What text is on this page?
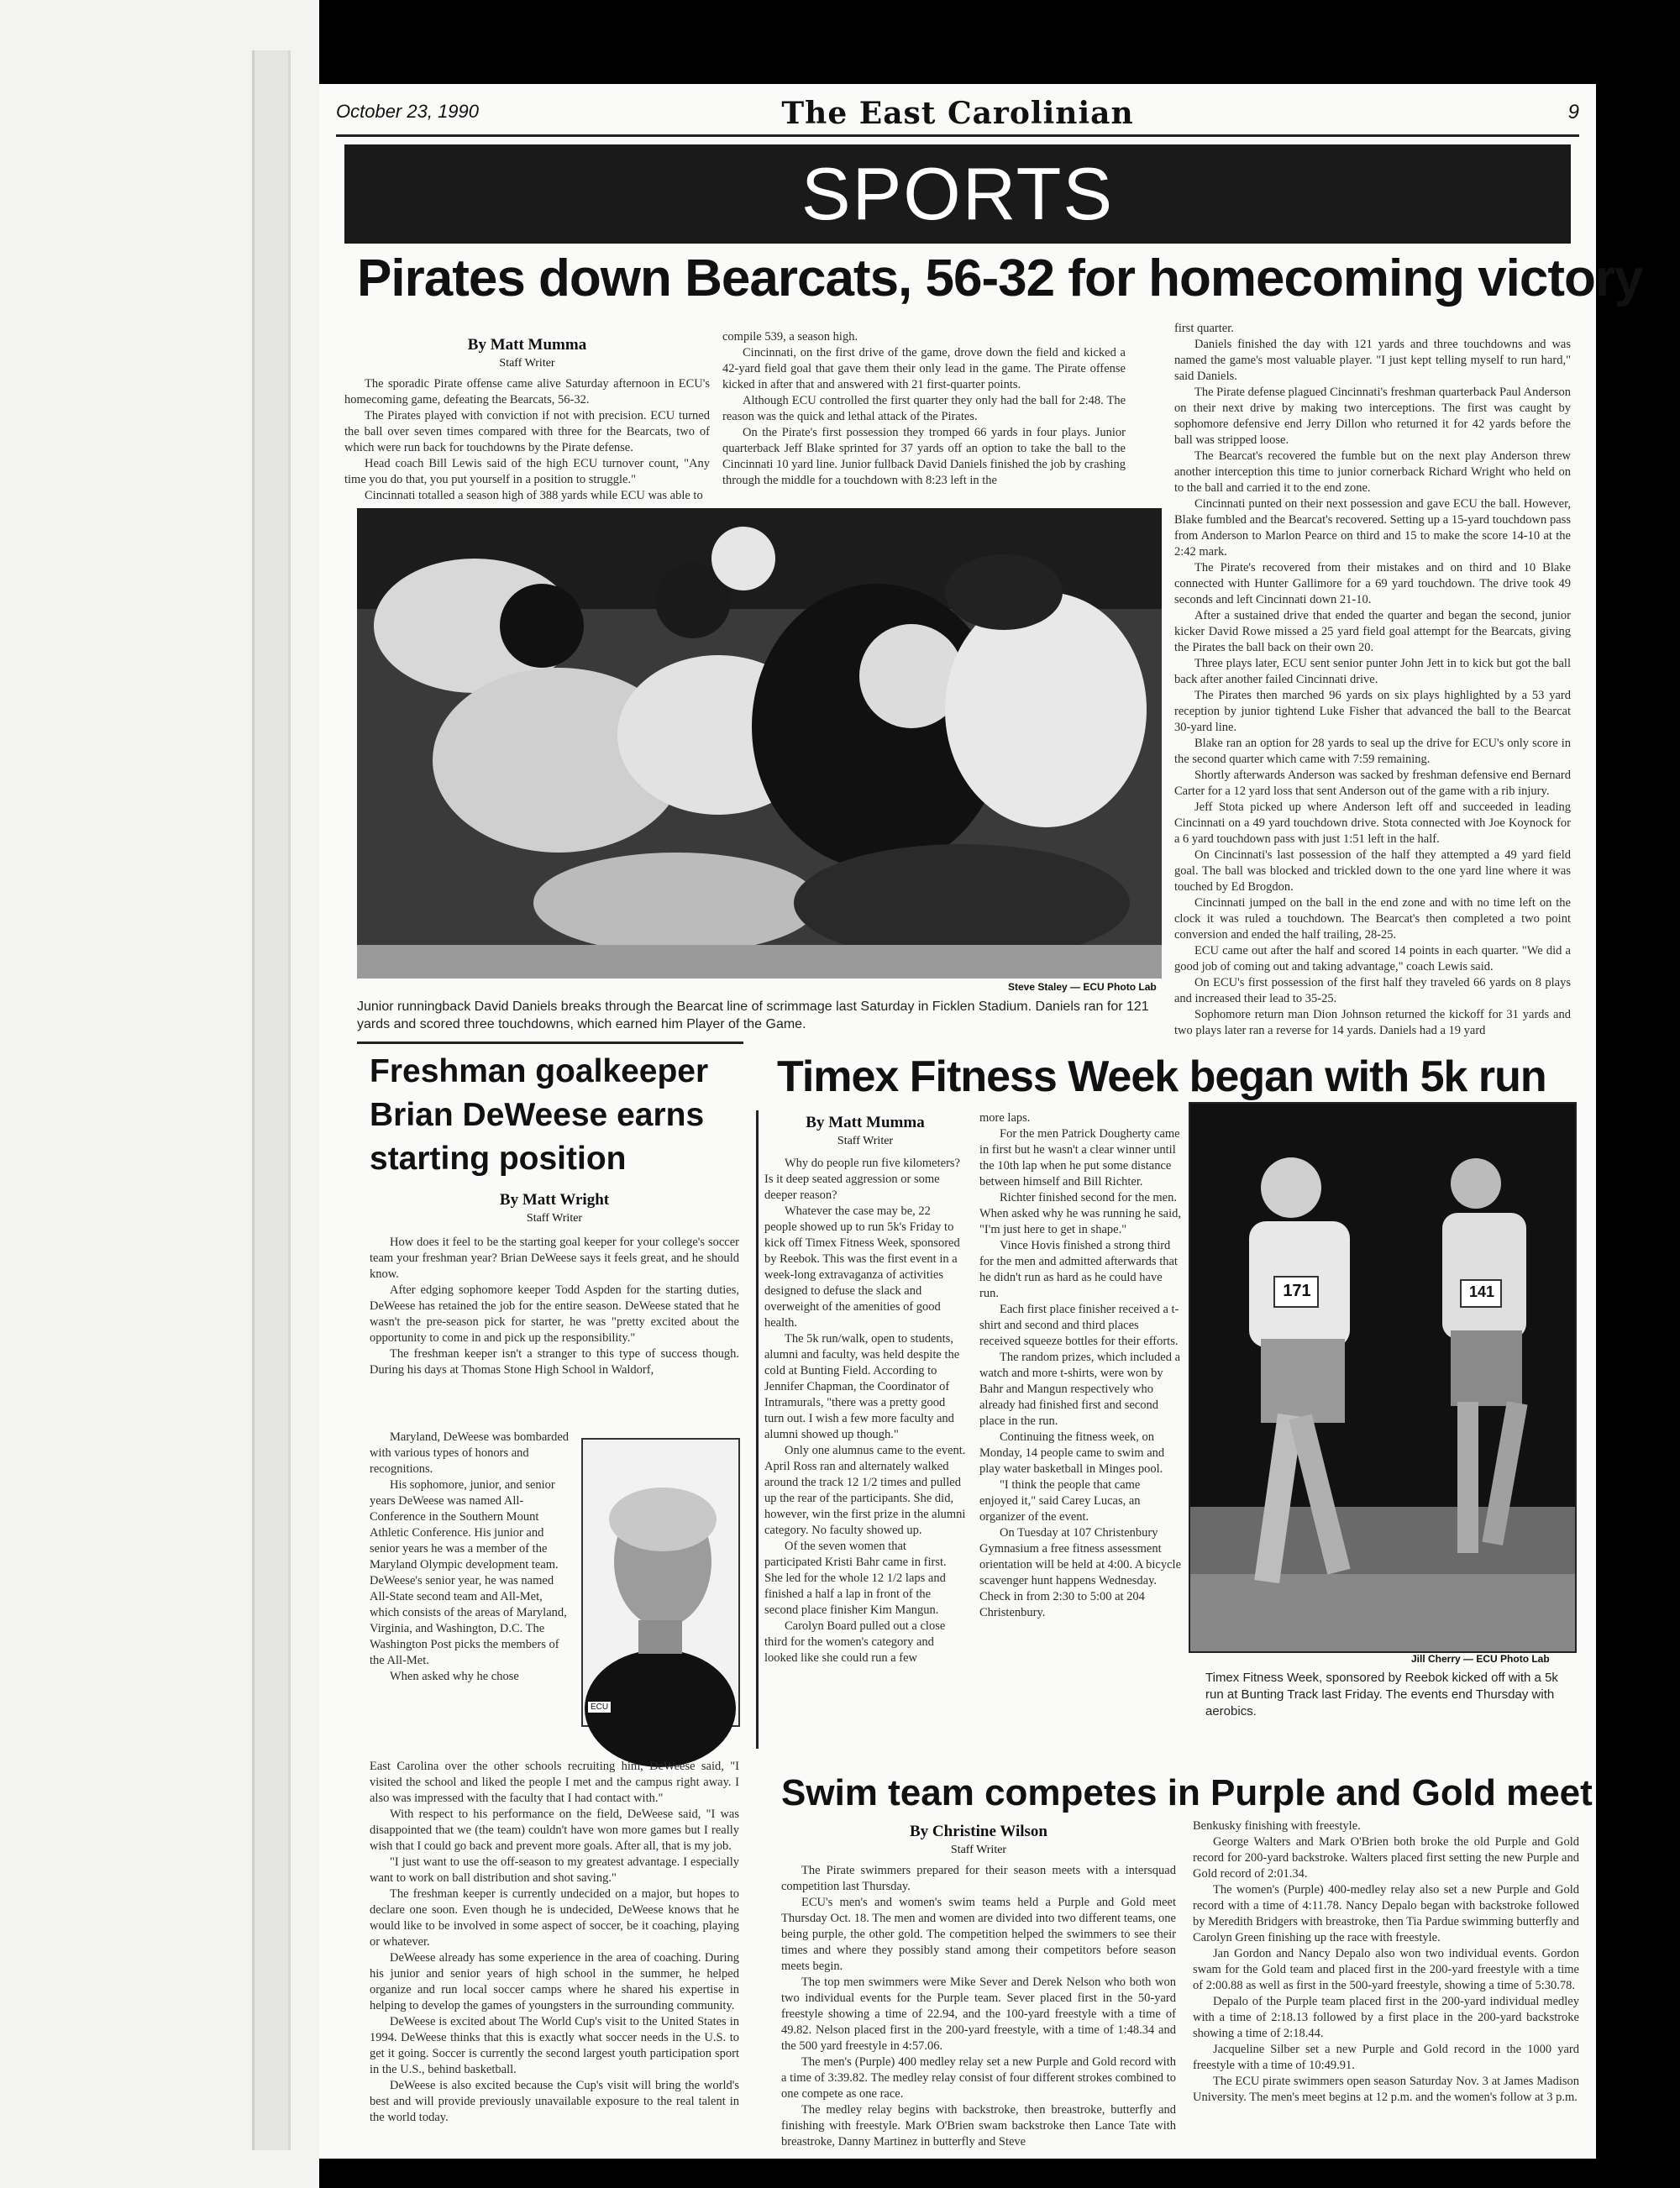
October 23, 1990	The East Carolinian	9
SPORTS
Pirates down Bearcats, 56-32 for homecoming victory
By Matt Mumma
Staff Writer

The sporadic Pirate offense came alive Saturday afternoon in ECU's homecoming game, defeating the Bearcats, 56-32.

The Pirates played with conviction if not with precision. ECU turned the ball over seven times compared with three for the Bearcats, two of which were run back for touchdowns by the Pirate defense.

Head coach Bill Lewis said of the high ECU turnover count, "Any time you do that, you put yourself in a position to struggle."

Cincinnati totalled a season high of 388 yards while ECU was able to

compile 539, a season high.

Cincinnati, on the first drive of the game, drove down the field and kicked a 42-yard field goal that gave them their only lead in the game. The Pirate offense kicked in after that and answered with 21 first-quarter points.

Although ECU controlled the first quarter they only had the ball for 2:48. The reason was the quick and lethal attack of the Pirates.

On the Pirate's first possession they tromped 66 yards in four plays. Junior quarterback Jeff Blake sprinted for 37 yards off an option to take the ball to the Cincinnati 10 yard line. Junior fullback David Daniels finished the job by crashing through the middle for a touchdown with 8:23 left in the

first quarter.

Daniels finished the day with 121 yards and three touchdowns and was named the game's most valuable player. "I just kept telling myself to run hard," said Daniels.

The Pirate defense plagued Cincinnati's freshman quarterback Paul Anderson on their next drive by making two interceptions. The first was caught by sophomore defensive end Jerry Dillon who returned it for 42 yards before the ball was stripped loose.

The Bearcat's recovered the fumble but on the next play Anderson threw another interception this time to junior cornerback Richard Wright who held on to the ball and carried it to the end zone.

Cincinnati punted on their next possession and gave ECU the ball. However, Blake fumbled and the Bearcat's recovered. Setting up a 15-yard touchdown pass from Anderson to Marlon Pearce on third and 15 to make the score 14-10 at the 2:42 mark.

The Pirate's recovered from their mistakes and on third and 10 Blake connected with Hunter Gallimore for a 69 yard touchdown. The drive took 49 seconds and left Cincinnati down 21-10.

After a sustained drive that ended the quarter and began the second, junior kicker David Rowe missed a 25 yard field goal attempt for the Bearcats, giving the Pirates the ball back on their own 20.

Three plays later, ECU sent senior punter John Jett in to kick but got the ball back after another failed Cincinnati drive.

The Pirates then marched 96 yards on six plays highlighted by a 53 yard reception by junior tightend Luke Fisher that advanced the ball to the Bearcat 30-yard line.

Blake ran an option for 28 yards to seal up the drive for ECU's only score in the second quarter which came with 7:59 remaining.

Shortly afterwards Anderson was sacked by freshman defensive end Bernard Carter for a 12 yard loss that sent Anderson out of the game with a rib injury.

Jeff Stota picked up where Anderson left off and succeeded in leading Cincinnati on a 49 yard touchdown drive. Stota connected with Joe Koynock for a 6 yard touchdown pass with just 1:51 left in the half.

On Cincinnati's last possession of the half they attempted a 49 yard field goal. The ball was blocked and trickled down to the one yard line where it was touched by Ed Brogdon.

Cincinnati jumped on the ball in the end zone and with no time left on the clock it was ruled a touchdown. The Bearcat's then completed a two point conversion and ended the half trailing, 28-25.

ECU came out after the half and scored 14 points in each quarter. "We did a good job of coming out and taking advantage," coach Lewis said.

On ECU's first possession of the first half they traveled 66 yards on 8 plays and increased their lead to 35-25.

Sophomore return man Dion Johnson returned the kickoff for 31 yards and two plays later ran a reverse for 14 yards. Daniels had a 19 yard

Steve Staley — ECU Photo Lab
Junior runningback David Daniels breaks through the Bearcat line of scrimmage last Saturday in Ficklen Stadium. Daniels ran for 121 yards and scored three touchdowns, which earned him Player of the Game.
Freshman goalkeeper
Brian DeWeese earns
starting position
By Matt Wright
Staff Writer

How does it feel to be the starting goal keeper for your college's soccer team your freshman year? Brian DeWeese says it feels great, and he should know.

After edging sophomore keeper Todd Aspden for the starting duties, DeWeese has retained the job for the entire season. DeWeese stated that he wasn't the pre-season pick for starter, he was "pretty excited about the opportunity to come in and pick up the responsibility."

The freshman keeper isn't a stranger to this type of success though. During his days at Thomas Stone High School in Waldorf,

Maryland, DeWeese was bombarded with various types of honors and recognitions.

His sophomore, junior, and senior years DeWeese was named All-Conference in the Southern Mount Athletic Conference. His junior and senior years he was a member of the Maryland Olympic development team. DeWeese's senior year, he was named All-State second team and All-Met, which consists of the areas of Maryland, Virginia, and Washington, D.C. The Washington Post picks the members of the All-Met.

When asked why he chose

ECU
Brian DeWeese

East Carolina over the other schools recruiting him, DeWeese said, "I visited the school and liked the people I met and the campus right away. I also was impressed with the faculty that I had contact with."

With respect to his performance on the field, DeWeese said, "I was disappointed that we (the team) couldn't have won more games but I really wish that I could go back and prevent more goals. After all, that is my job.

"I just want to use the off-season to my greatest advantage. I especially want to work on ball distribution and shot saving."

The freshman keeper is currently undecided on a major, but hopes to declare one soon. Even though he is undecided, DeWeese knows that he would like to be involved in some aspect of soccer, be it coaching, playing or whatever.

DeWeese already has some experience in the area of coaching. During his junior and senior years of high school in the summer, he helped organize and run local soccer camps where he shared his expertise in helping to develop the games of youngsters in the surrounding community.

DeWeese is excited about The World Cup's visit to the United States in 1994. DeWeese thinks that this is exactly what soccer needs in the U.S. to get it going. Soccer is currently the second largest youth participation sport in the U.S., behind basketball.

DeWeese is also excited because the Cup's visit will bring the world's best and will provide previously unavailable exposure to the real talent in the world today.

Timex Fitness Week began with 5k run
By Matt Mumma
Staff Writer

Why do people run five kilometers? Is it deep seated aggression or some deeper reason?

Whatever the case may be, 22 people showed up to run 5k's Friday to kick off Timex Fitness Week, sponsored by Reebok. This was the first event in a week-long extravaganza of activities designed to defuse the slack and overweight of the amenities of good health.

The 5k run/walk, open to students, alumni and faculty, was held despite the cold at Bunting Field. According to Jennifer Chapman, the Coordinator of Intramurals, "there was a pretty good turn out. I wish a few more faculty and alumni showed up though."

Only one alumnus came to the event. April Ross ran and alternately walked around the track 12 1/2 times and pulled up the rear of the participants. She did, however, win the first prize in the alumni category. No faculty showed up.

Of the seven women that participated Kristi Bahr came in first. She led for the whole 12 1/2 laps and finished a half a lap in front of the second place finisher Kim Mangun.

Carolyn Board pulled out a close third for the women's category and looked like she could run a few

more laps.

For the men Patrick Dougherty came in first but he wasn't a clear winner until the 10th lap when he put some distance between himself and Bill Richter.

Richter finished second for the men. When asked why he was running he said, "I'm just here to get in shape."

Vince Hovis finished a strong third for the men and admitted afterwards that he didn't run as hard as he could have run.

Each first place finisher received a t-shirt and second and third places received squeeze bottles for their efforts.

The random prizes, which included a watch and more t-shirts, were won by Bahr and Mangun respectively who already had finished first and second place in the run.

Continuing the fitness week, on Monday, 14 people came to swim and play water basketball in Minges pool.

"I think the people that came enjoyed it," said Carey Lucas, an organizer of the event.

On Tuesday at 107 Christenbury Gymnasium a free fitness assessment orientation will be held at 4:00. A bicycle scavenger hunt happens Wednesday. Check in from 2:30 to 5:00 at 204 Christenbury.

171	141
Jill Cherry — ECU Photo Lab
Timex Fitness Week, sponsored by Reebok kicked off with a 5k run at Bunting Track last Friday. The events end Thursday with aerobics.
Swim team competes in Purple and Gold meet
By Christine Wilson
Staff Writer

The Pirate swimmers prepared for their season meets with a intersquad competition last Thursday.

ECU's men's and women's swim teams held a Purple and Gold meet Thursday Oct. 18. The men and women are divided into two different teams, one being purple, the other gold. The competition helped the swimmers to see their times and where they possibly stand among their competitors before season meets begin.

The top men swimmers were Mike Sever and Derek Nelson who both won two individual events for the Purple team. Sever placed first in the 50-yard freestyle showing a time of 22.94, and the 100-yard freestyle with a time of 49.82. Nelson placed first in the 200-yard freestyle, with a time of 1:48.34 and the 500 yard freestyle in 4:57.06.

The men's (Purple) 400 medley relay set a new Purple and Gold record with a time of 3:39.82. The medley relay consist of four different strokes combined to one compete as one race.

The medley relay begins with backstroke, then breastroke, butterfly and finishing with freestyle. Mark O'Brien swam backstroke then Lance Tate with breastroke, Danny Martinez in butterfly and Steve

Benkusky finishing with freestyle.

George Walters and Mark O'Brien both broke the old Purple and Gold record for 200-yard backstroke. Walters placed first setting the new Purple and Gold record of 2:01.34.

The women's (Purple) 400-medley relay also set a new Purple and Gold record with a time of 4:11.78. Nancy Depalo began with backstroke followed by Meredith Bridgers with breastroke, then Tia Pardue swimming butterfly and Carolyn Green finishing up the race with freestyle.

Jan Gordon and Nancy Depalo also won two individual events. Gordon swam for the Gold team and placed first in the 200-yard freestyle with a time of 2:00.88 as well as first in the 500-yard freestyle, showing a time of 5:30.78.

Depalo of the Purple team placed first in the 200-yard individual medley with a time of 2:18.13 followed by a first place in the 200-yard backstroke showing a time of 2:18.44.

Jacqueline Silber set a new Purple and Gold record in the 1000 yard freestyle with a time of 10:49.91.

The ECU pirate swimmers open season Saturday Nov. 3 at James Madison University. The men's meet begins at 12 p.m. and the women's follow at 3 p.m.
